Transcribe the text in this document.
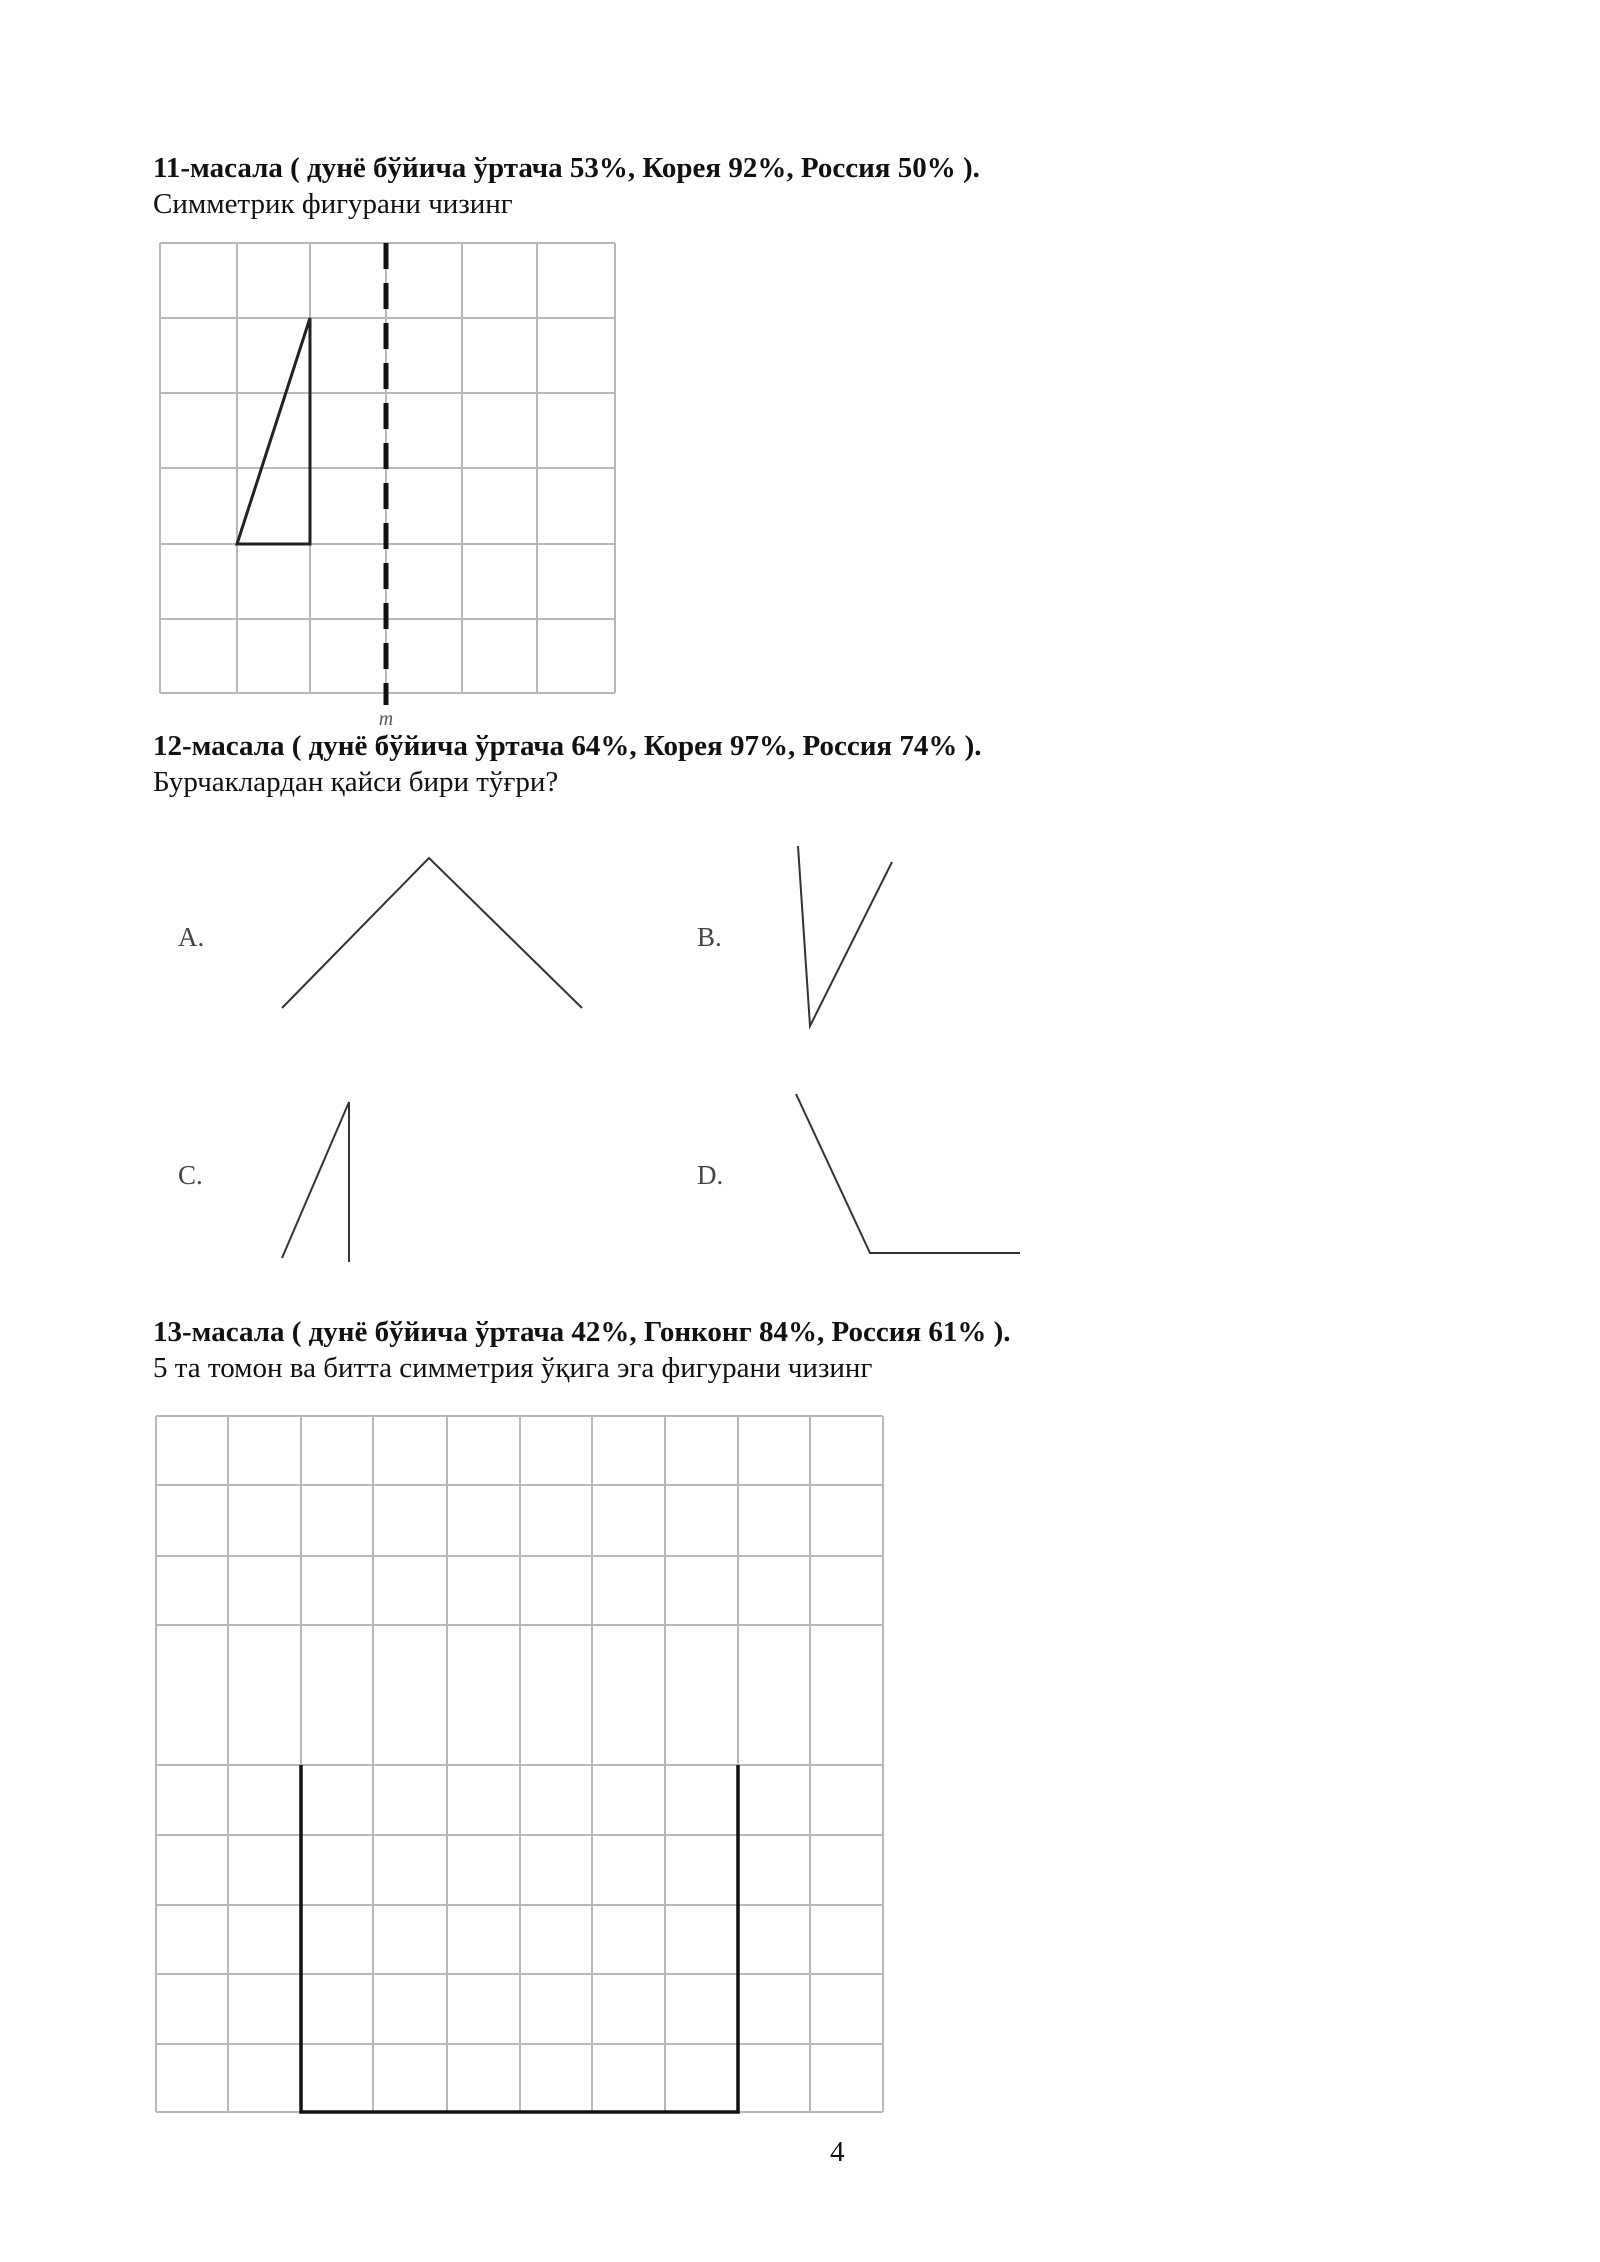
11-масала ( дунё бўйича ўртача 53%, Корея 92%, Россия 50% ).
Симметрик фигурани чизинг
m
12-масала ( дунё бўйича ўртача 64%, Корея 97%, Россия 74% ).
Бурчаклардан қайси бири тўғри?
A.	B.
C.	D.
13-масала ( дунё бўйича ўртача 42%, Гонконг 84%, Россия 61% ).
5 та томон ва битта симметрия ўқига эга фигурани чизинг
4
